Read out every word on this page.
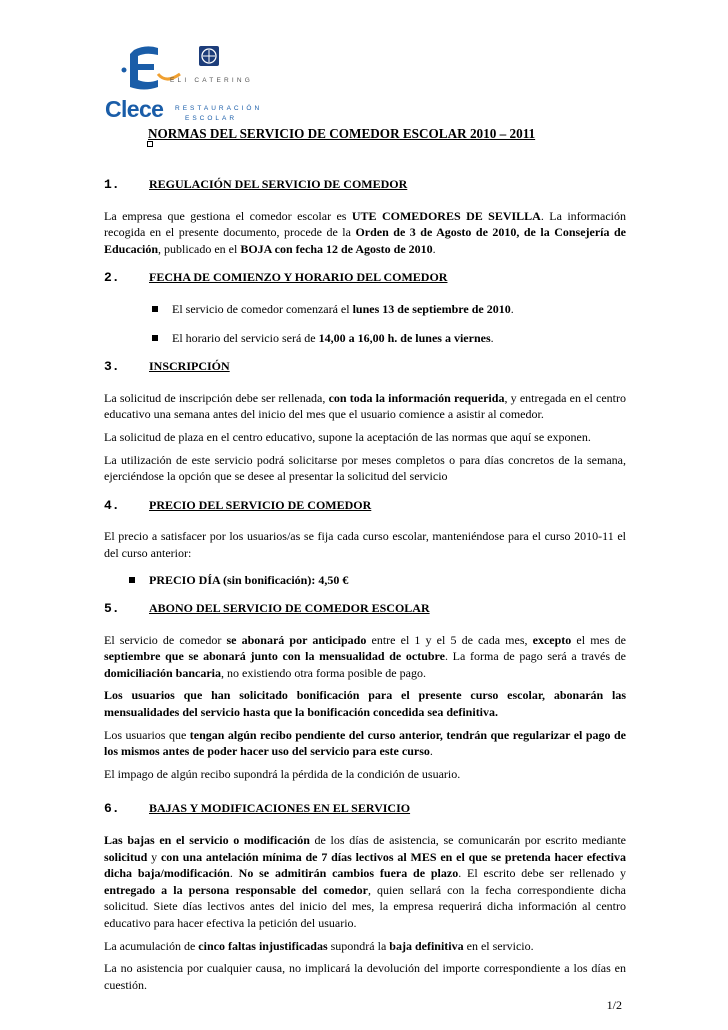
ELI CATERING
Clece RESTAURACIÓN
ESCOLAR
NORMAS DEL SERVICIO DE COMEDOR ESCOLAR 2010 – 2011
1.	REGULACIÓN DEL SERVICIO DE COMEDOR

La empresa que gestiona el comedor escolar es UTE COMEDORES DE SEVILLA. La información recogida en el presente documento, procede de la Orden de 3 de Agosto de 2010, de la Consejería de Educación, publicado en el BOJA con fecha 12 de Agosto de 2010.

2.	FECHA DE COMIENZO Y HORARIO DEL COMEDOR
El servicio de comedor comenzará el lunes 13 de septiembre de 2010.
El horario del servicio será de 14,00 a 16,00 h. de lunes a viernes.
3.	INSCRIPCIÓN

La solicitud de inscripción debe ser rellenada, con toda la información requerida, y entregada en el centro educativo una semana antes del inicio del mes que el usuario comience a asistir al comedor.

La solicitud de plaza en el centro educativo, supone la aceptación de las normas que aquí se exponen.

La utilización de este servicio podrá solicitarse por meses completos o para días concretos de la semana, ejerciéndose la opción que se desee al presentar la solicitud del servicio

4.	PRECIO DEL SERVICIO DE COMEDOR

El precio a satisfacer por los usuarios/as se fija cada curso escolar, manteniéndose para el curso 2010-11 el del curso anterior:

PRECIO DÍA (sin bonificación): 4,50 €
5.	ABONO DEL SERVICIO DE COMEDOR ESCOLAR

El servicio de comedor se abonará por anticipado entre el 1 y el 5 de cada mes, excepto el mes de septiembre que se abonará junto con la mensualidad de octubre. La forma de pago será a través de domiciliación bancaria, no existiendo otra forma posible de pago.

Los usuarios que han solicitado bonificación para el presente curso escolar, abonarán las mensualidades del servicio hasta que la bonificación concedida sea definitiva.

Los usuarios que tengan algún recibo pendiente del curso anterior, tendrán que regularizar el pago de los mismos antes de poder hacer uso del servicio para este curso.

El impago de algún recibo supondrá la pérdida de la condición de usuario.

6.	BAJAS Y MODIFICACIONES EN EL SERVICIO

Las bajas en el servicio o modificación de los días de asistencia, se comunicarán por escrito mediante solicitud y con una antelación mínima de 7 días lectivos al MES en el que se pretenda hacer efectiva dicha baja/modificación. No se admitirán cambios fuera de plazo. El escrito debe ser rellenado y entregado a la persona responsable del comedor, quien sellará con la fecha correspondiente dicha solicitud. Siete días lectivos antes del inicio del mes, la empresa requerirá dicha información al centro educativo para hacer efectiva la petición del usuario.

La acumulación de cinco faltas injustificadas supondrá la baja definitiva en el servicio.

La no asistencia por cualquier causa, no implicará la devolución del importe correspondiente a los días en cuestión.

1/2
